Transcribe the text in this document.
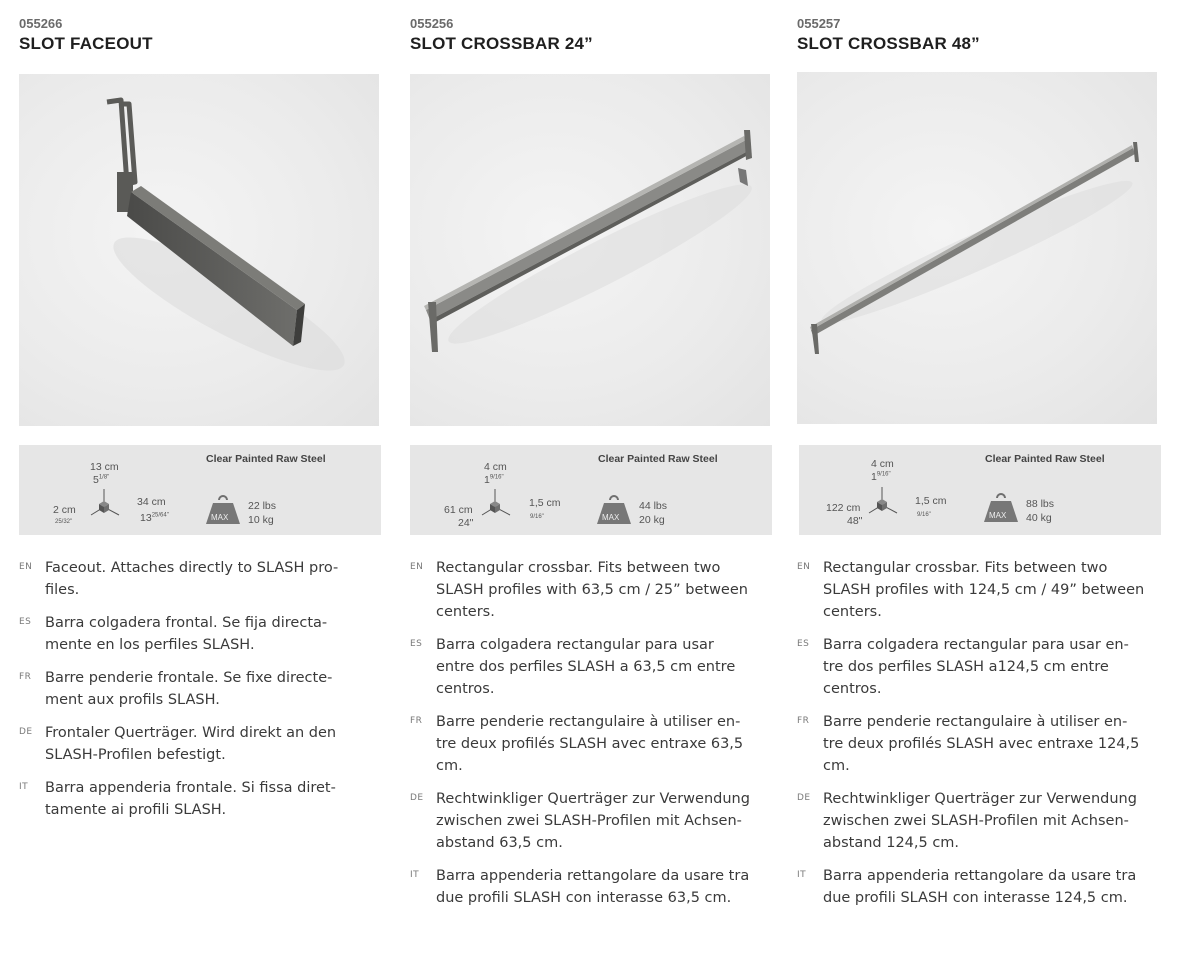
055266
SLOT FACEOUT
Clear Painted Raw Steel
13 cm
$5^{1/8"}$
2 cm
25/32"
34 cm
$13^{25/64"}$	MAX
22 lbs
10 kg
EN Faceout. Attaches directly to SLASH pro-
files.
ES Barra colgadera frontal. Se fija directa-
mente en los perfiles SLASH.
FR Barre penderie frontale. Se fixe directe-
ment aux profils SLASH.
DE Frontaler Querträger. Wird direkt an den
SLASH-Profilen befestigt.
IT Barra appenderia frontale. Si fissa diret-
tamente ai profili SLASH.
055256
SLOT CROSSBAR 24”
Clear Painted Raw Steel
4 cm
$1^{9/16"}$
61 cm
24"
1,5 cm
9/16"	MAX
44 lbs
20 kg
EN Rectangular crossbar. Fits between two
SLASH profiles with 63,5 cm / 25” between
centers.
ES Barra colgadera rectangular para usar
entre dos perfiles SLASH a 63,5 cm entre
centros.
FR Barre penderie rectangulaire à utiliser en-
tre deux profilés SLASH avec entraxe 63,5
cm.
DE Rechtwinkliger Querträger zur Verwendung
zwischen zwei SLASH-Profilen mit Achsen-
abstand 63,5 cm.
IT Barra appenderia rettangolare da usare tra
due profili SLASH con interasse 63,5 cm.
055257
SLOT CROSSBAR 48”
Clear Painted Raw Steel
4 cm
$1^{9/16"}$
122 cm
48"
1,5 cm
9/16"	MAX
88 lbs
40 kg
EN Rectangular crossbar. Fits between two
SLASH profiles with 124,5 cm / 49” between
centers.
ES Barra colgadera rectangular para usar en-
tre dos perfiles SLASH a124,5 cm entre
centros.
FR Barre penderie rectangulaire à utiliser en-
tre deux profilés SLASH avec entraxe 124,5
cm.
DE Rechtwinkliger Querträger zur Verwendung
zwischen zwei SLASH-Profilen mit Achsen-
abstand 124,5 cm.
IT Barra appenderia rettangolare da usare tra
due profili SLASH con interasse 124,5 cm.
